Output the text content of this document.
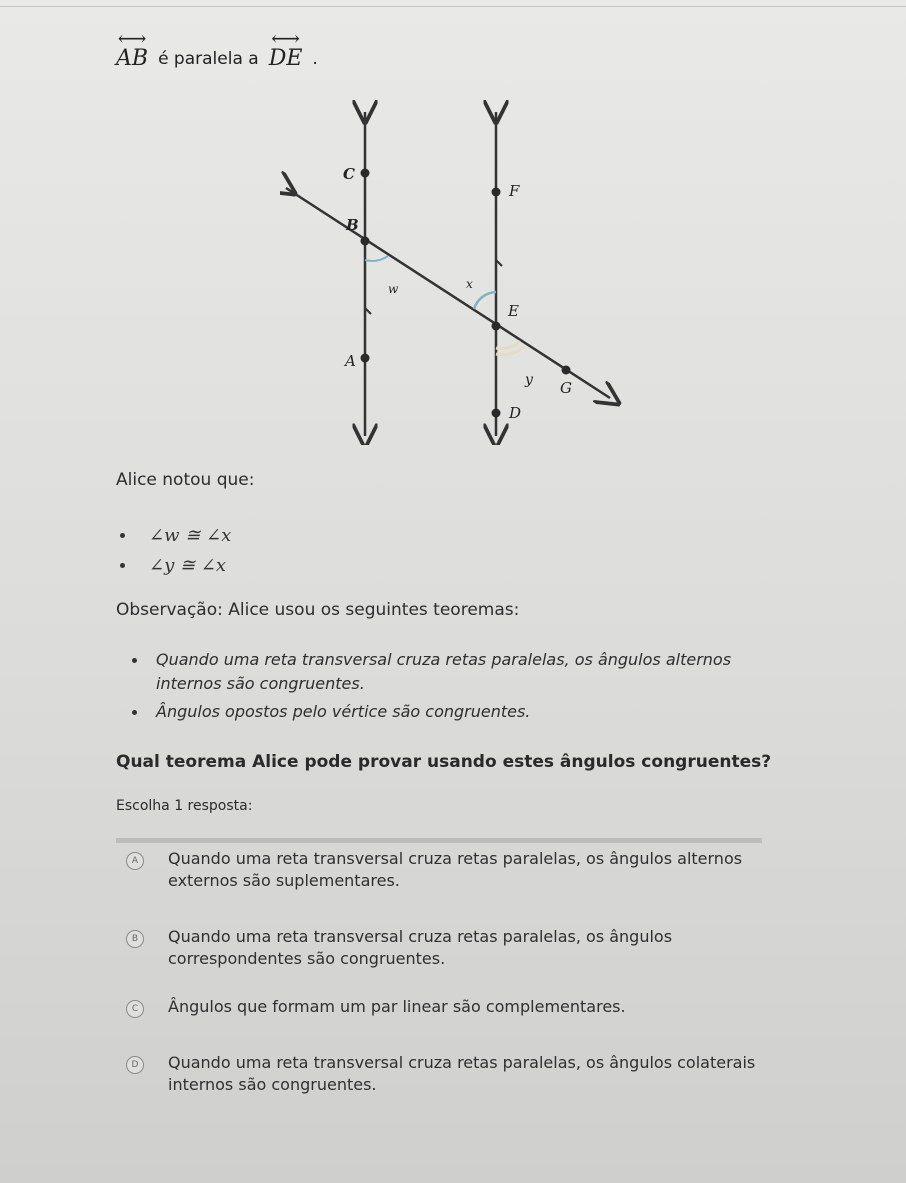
⟷ AB é paralela a
⟷ DE .
C
F
B
w	x
E
A
y G
D
Alice notou que:
∠w ≅ ∠x
∠y ≅ ∠x
Observação: Alice usou os seguintes teoremas:
Quando uma reta transversal cruza retas paralelas, os ângulos alternos internos são congruentes.
Ângulos opostos pelo vértice são congruentes.
Qual teorema Alice pode provar usando estes ângulos congruentes?
Escolha 1 resposta:
A	Quando uma reta transversal cruza retas paralelas, os ângulos alternos externos são suplementares.
B	Quando uma reta transversal cruza retas paralelas, os ângulos correspondentes são congruentes.
C	Ângulos que formam um par linear são complementares.
D	Quando uma reta transversal cruza retas paralelas, os ângulos colaterais internos são congruentes.
